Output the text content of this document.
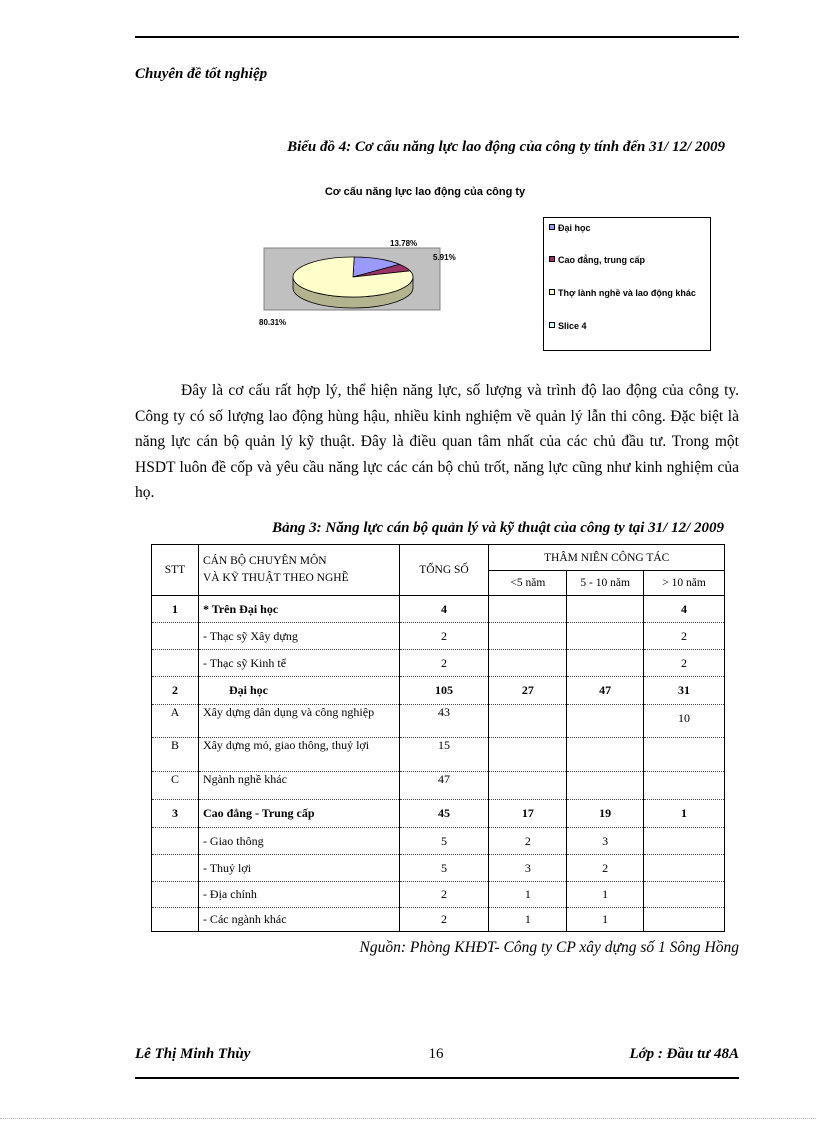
Chuyên đề tốt nghiệp
Biểu đồ 4: Cơ cấu năng lực lao động của công ty tính đến 31/ 12/ 2009
Cơ cấu năng lực lao động của công ty
13.78%
5.91%
80.31%
Đại học
Cao đẳng, trung cấp
Thợ lành nghề và lao động khác
Slice 4
Đây là cơ cấu rất hợp lý, thể hiện năng lực, số lượng và trình độ lao động của công ty. Công ty có số lượng lao động hùng hậu, nhiều kinh nghiệm về quản lý lẫn thi công. Đặc biệt là năng lực cán bộ quản lý kỹ thuật. Đây là điều quan tâm nhất của các chủ đầu tư. Trong một HSDT luôn đề cốp và yêu cầu năng lực các cán bộ chủ trốt, năng lực cũng như kinh nghiệm của họ.
Bảng 3: Năng lực cán bộ quản lý và kỹ thuật của công ty tại 31/ 12/ 2009
STT	CÁN BỘ CHUYÊN MÔN
VÀ KỸ THUẬT THEO NGHỀ	TỔNG SỐ	THÂM NIÊN CÔNG TÁC		
			<5 năm	5 - 10 năm	> 10 năm
1	* Trên Đại học	4			4
	- Thạc sỹ Xây dựng	2			2
	- Thạc sỹ Kinh tế	2			2
2	Đại học	105	27	47	31
A	Xây dựng dân dụng và công nghiệp	43			10
B	Xây dựng mỏ, giao thông, thuỷ lợi	15			
C	Ngành nghề khác	47			
3	Cao đẳng - Trung cấp	45	17	19	1
	- Giao thông	5	2	3	
	- Thuỷ lợi	5	3	2	
	- Địa chính	2	1	1	
	- Các ngành khác	2	1	1	
Nguồn: Phòng KHĐT- Công ty CP xây dựng số 1 Sông Hồng
Lê Thị Minh Thùy	16	Lớp : Đầu tư 48A
